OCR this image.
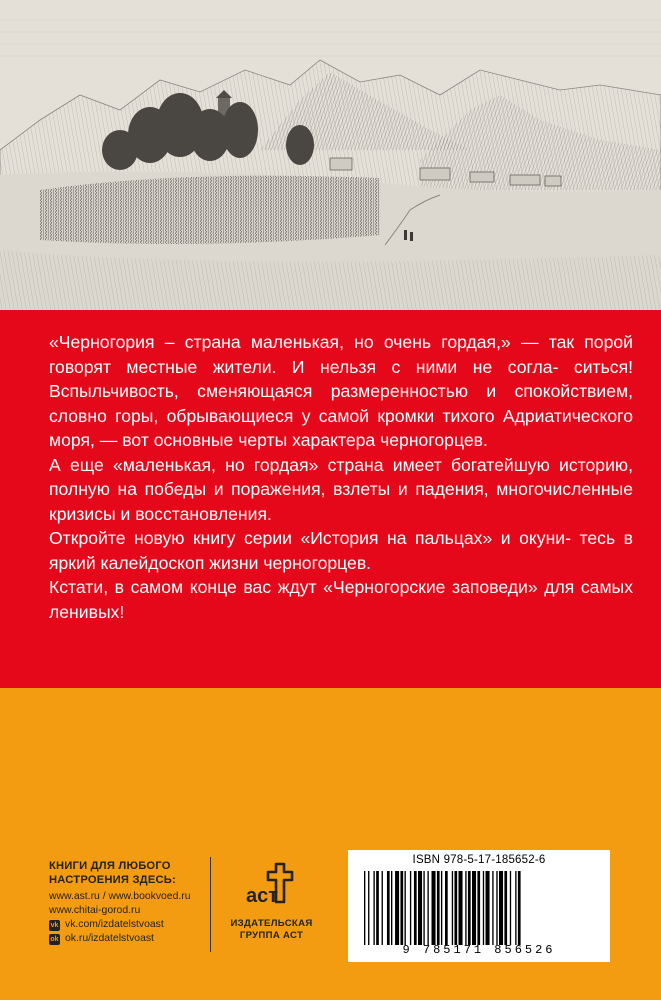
«Черногория – страна маленькая, но очень гордая,» — так порой говорят местные жители. И нельзя с ними не согла- ситься! Вспыльчивость, сменяющаяся размеренностью и спокойствием, словно горы, обрывающиеся у самой кромки тихого Адриатического моря, — вот основные черты характера черногорцев.

А еще «маленькая, но гордая» страна имеет богатейшую историю, полную на победы и поражения, взлеты и падения, многочисленные кризисы и восстановления.

Откройте новую книгу серии «История на пальцах» и окуни- тесь в яркий калейдоскоп жизни черногорцев.

Кстати, в самом конце вас ждут «Черногорские заповеди» для самых ленивых!

КНИГИ ДЛЯ ЛЮБОГО
НАСТРОЕНИЯ ЗДЕСЬ:
www.ast.ru / www.bookvoed.ru
www.chitai-gorod.ru
vk vk.com/izdatelstvoast
ok ok.ru/izdatelstvoast
аст
ИЗДАТЕЛЬСКАЯ
ГРУППА АСТ
ISBN 978-5-17-185652-6
9 785171 856526
